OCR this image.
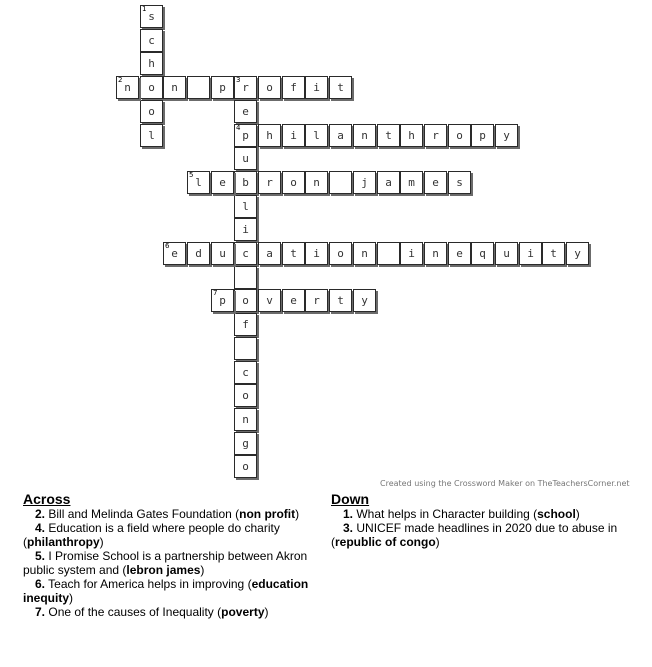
s
1
c
h
o
o
l
n
2
n	p r
3
o f i t
e
p
4
u
b
l
i
c
o
f
c
o
n
g
o
h i l a n t h r o p y
l
5
e	r o n	j a m e s
e
6
d u	a t i o n	i n e q u i t y
p
7
v e r t y
Created using the Crossword Maker on TheTeachersCorner.net
Across
2. Bill and Melinda Gates Foundation (non profit)
4. Education is a field where people do charity (philanthropy)
5. I Promise School is a partnership between Akron public system and (lebron james)
6. Teach for America helps in improving (education inequity)
7. One of the causes of Inequality (poverty)
Down
1. What helps in Character building (school)
3. UNICEF made headlines in 2020 due to abuse in (republic of congo)
